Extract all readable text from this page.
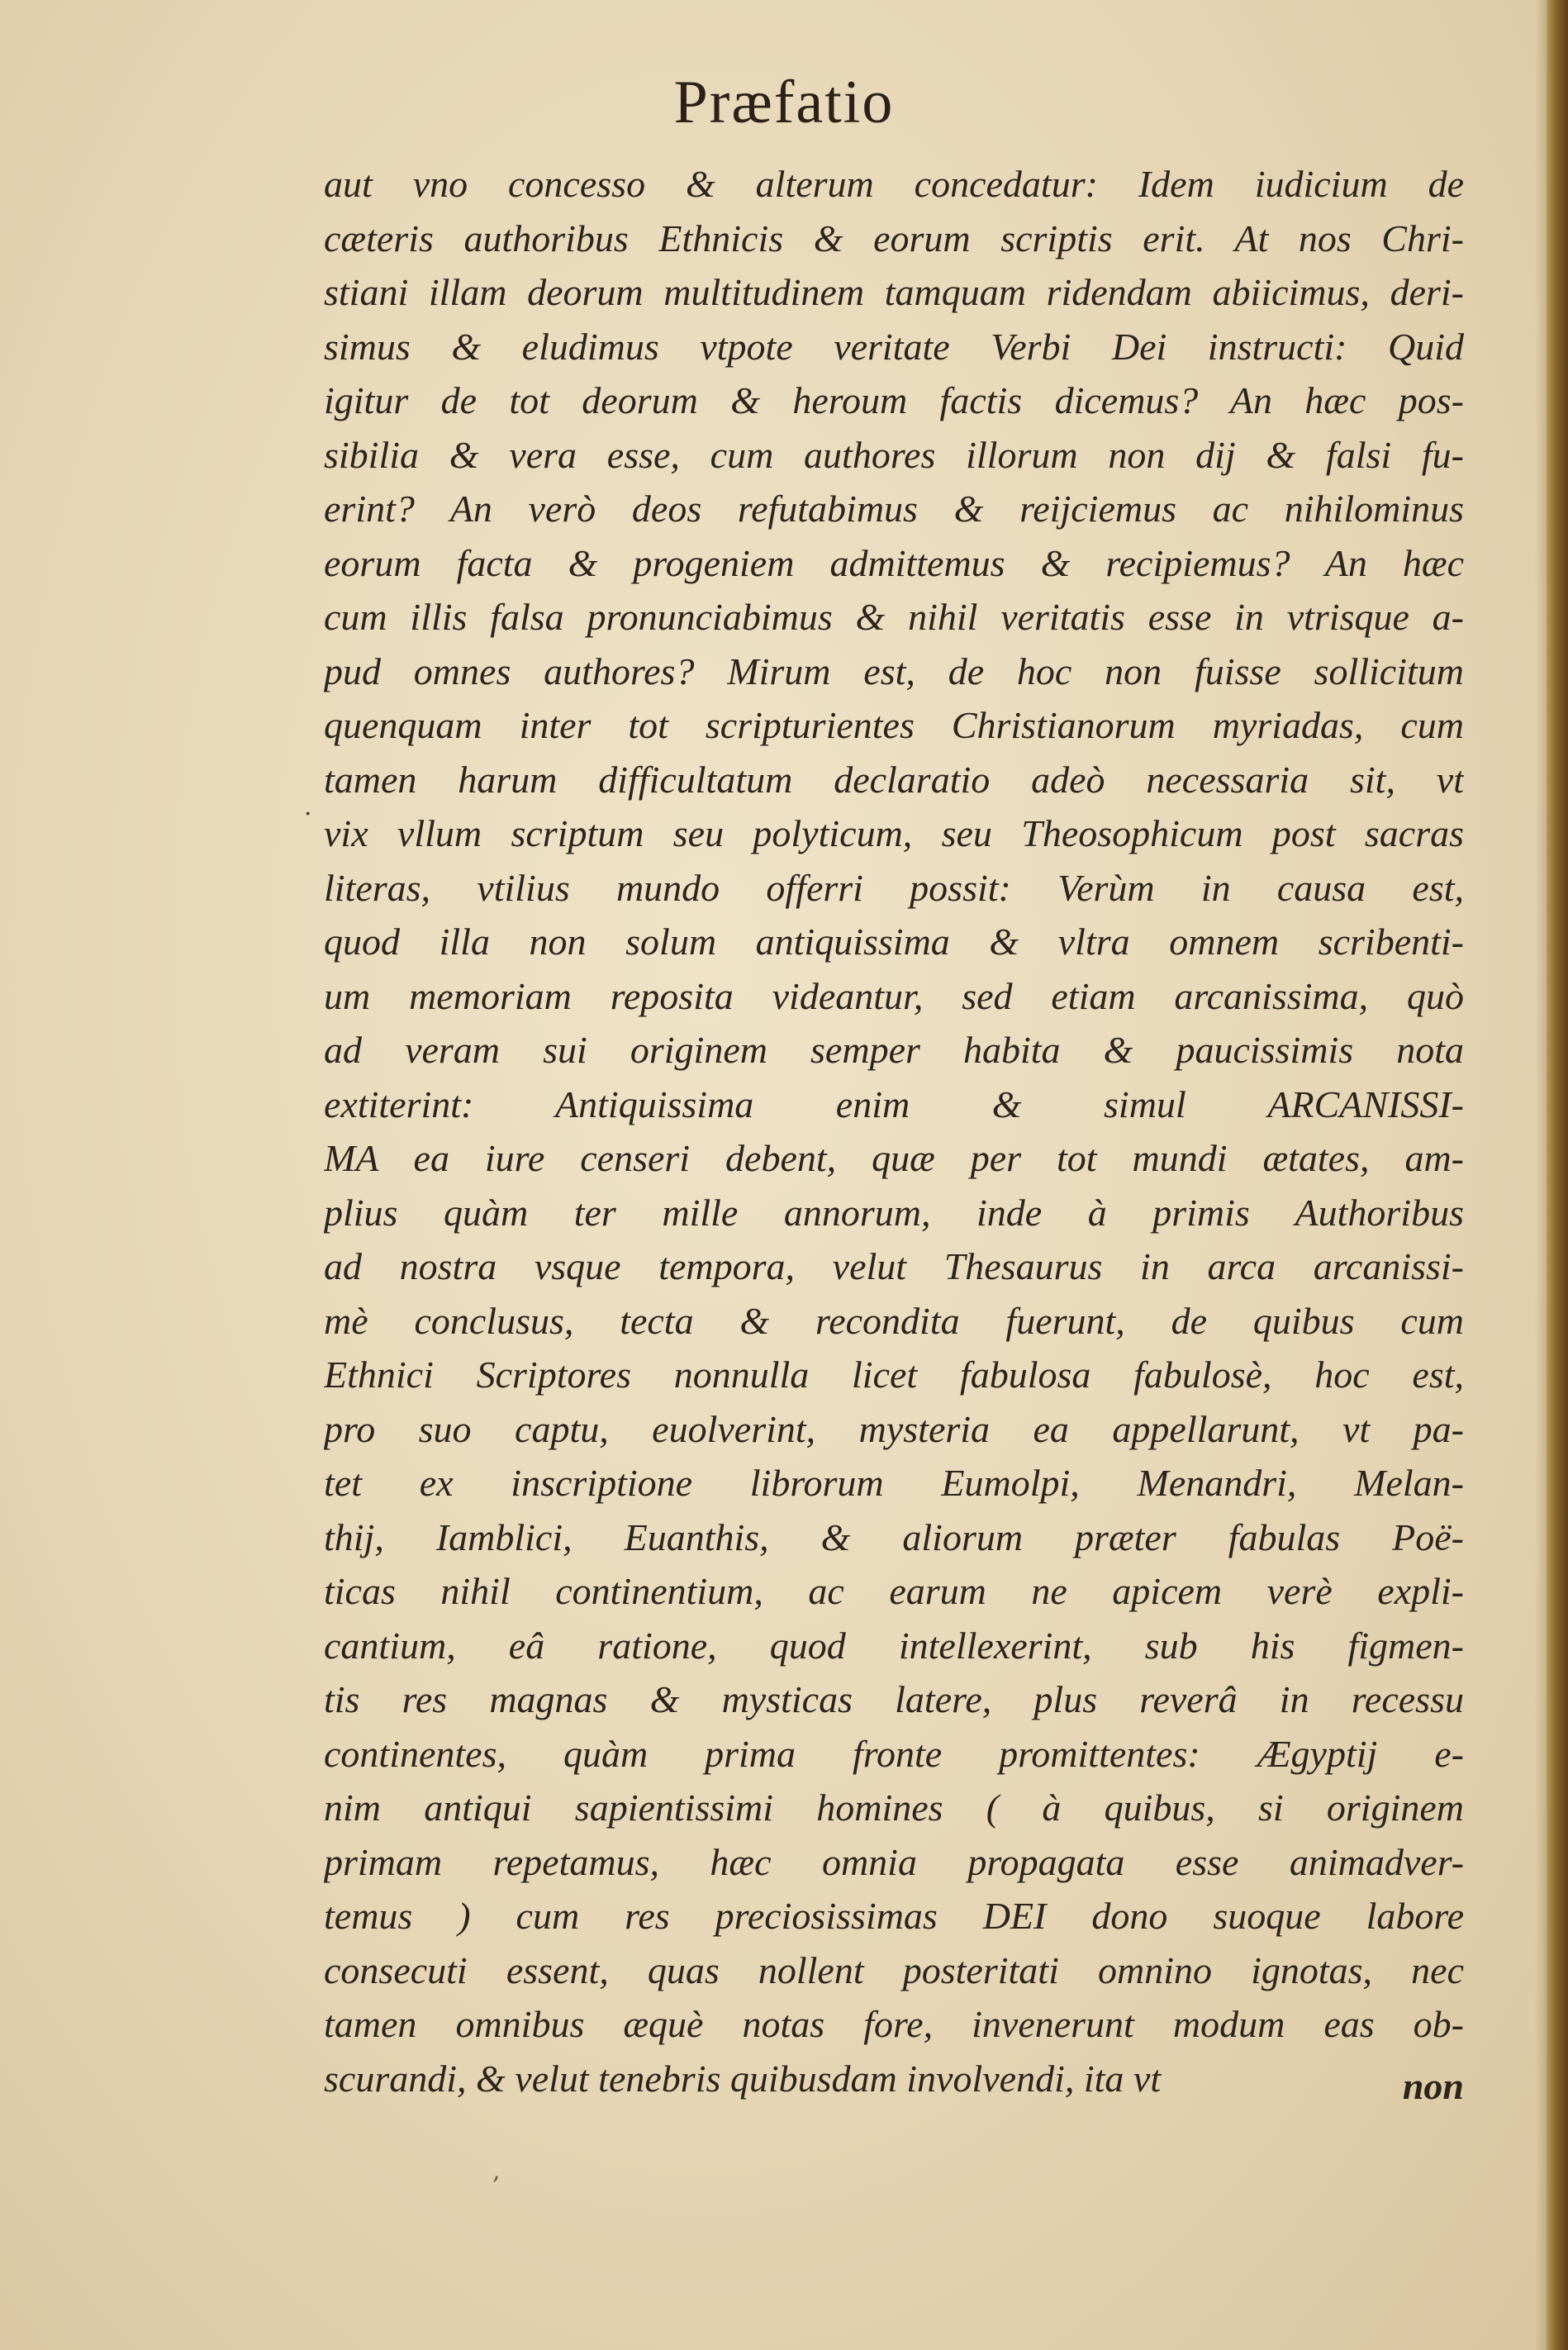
Præfatio
·
aut vno concesso & alterum concedatur: Idem iudicium de
cæteris authoribus Ethnicis & eorum scriptis erit. At nos Chri-
stiani illam deorum multitudinem tamquam ridendam abiicimus, deri-
simus & eludimus vtpote veritate Verbi Dei instructi: Quid
igitur de tot deorum & heroum factis dicemus? An hæc pos-
sibilia & vera esse, cum authores illorum non dij & falsi fu-
erint? An verò deos refutabimus & reijciemus ac nihilominus
eorum facta & progeniem admittemus & recipiemus? An hæc
cum illis falsa pronunciabimus & nihil veritatis esse in vtrisque a-
pud omnes authores? Mirum est, de hoc non fuisse sollicitum
quenquam inter tot scripturientes Christianorum myriadas, cum
tamen harum difficultatum declaratio adeò necessaria sit, vt
vix vllum scriptum seu polyticum, seu Theosophicum post sacras
literas, vtilius mundo offerri possit: Verùm in causa est,
quod illa non solum antiquissima & vltra omnem scribenti-
um memoriam reposita videantur, sed etiam arcanissima, quò
ad veram sui originem semper habita & paucissimis nota
extiterint: Antiquissima enim & simul ARCANISSI-
MA ea iure censeri debent, quæ per tot mundi ætates, am-
plius quàm ter mille annorum, inde à primis Authoribus
ad nostra vsque tempora, velut Thesaurus in arca arcanissi-
mè conclusus, tecta & recondita fuerunt, de quibus cum
Ethnici Scriptores nonnulla licet fabulosa fabulosè, hoc est,
pro suo captu, euolverint, mysteria ea appellarunt, vt pa-
tet ex inscriptione librorum Eumolpi, Menandri, Melan-
thij, Iamblici, Euanthis, & aliorum præter fabulas Poë-
ticas nihil continentium, ac earum ne apicem verè expli-
cantium, eâ ratione, quod intellexerint, sub his figmen-
tis res magnas & mysticas latere, plus reverâ in recessu
continentes, quàm prima fronte promittentes: Ægyptij e-
nim antiqui sapientissimi homines ( à quibus, si originem
primam repetamus, hæc omnia propagata esse animadver-
temus ) cum res preciosissimas DEI dono suoque labore
consecuti essent, quas nollent posteritati omnino ignotas, nec
tamen omnibus æquè notas fore, invenerunt modum eas ob-
scurandi, & velut tenebris quibusdam involvendi, ita vt	non
,
